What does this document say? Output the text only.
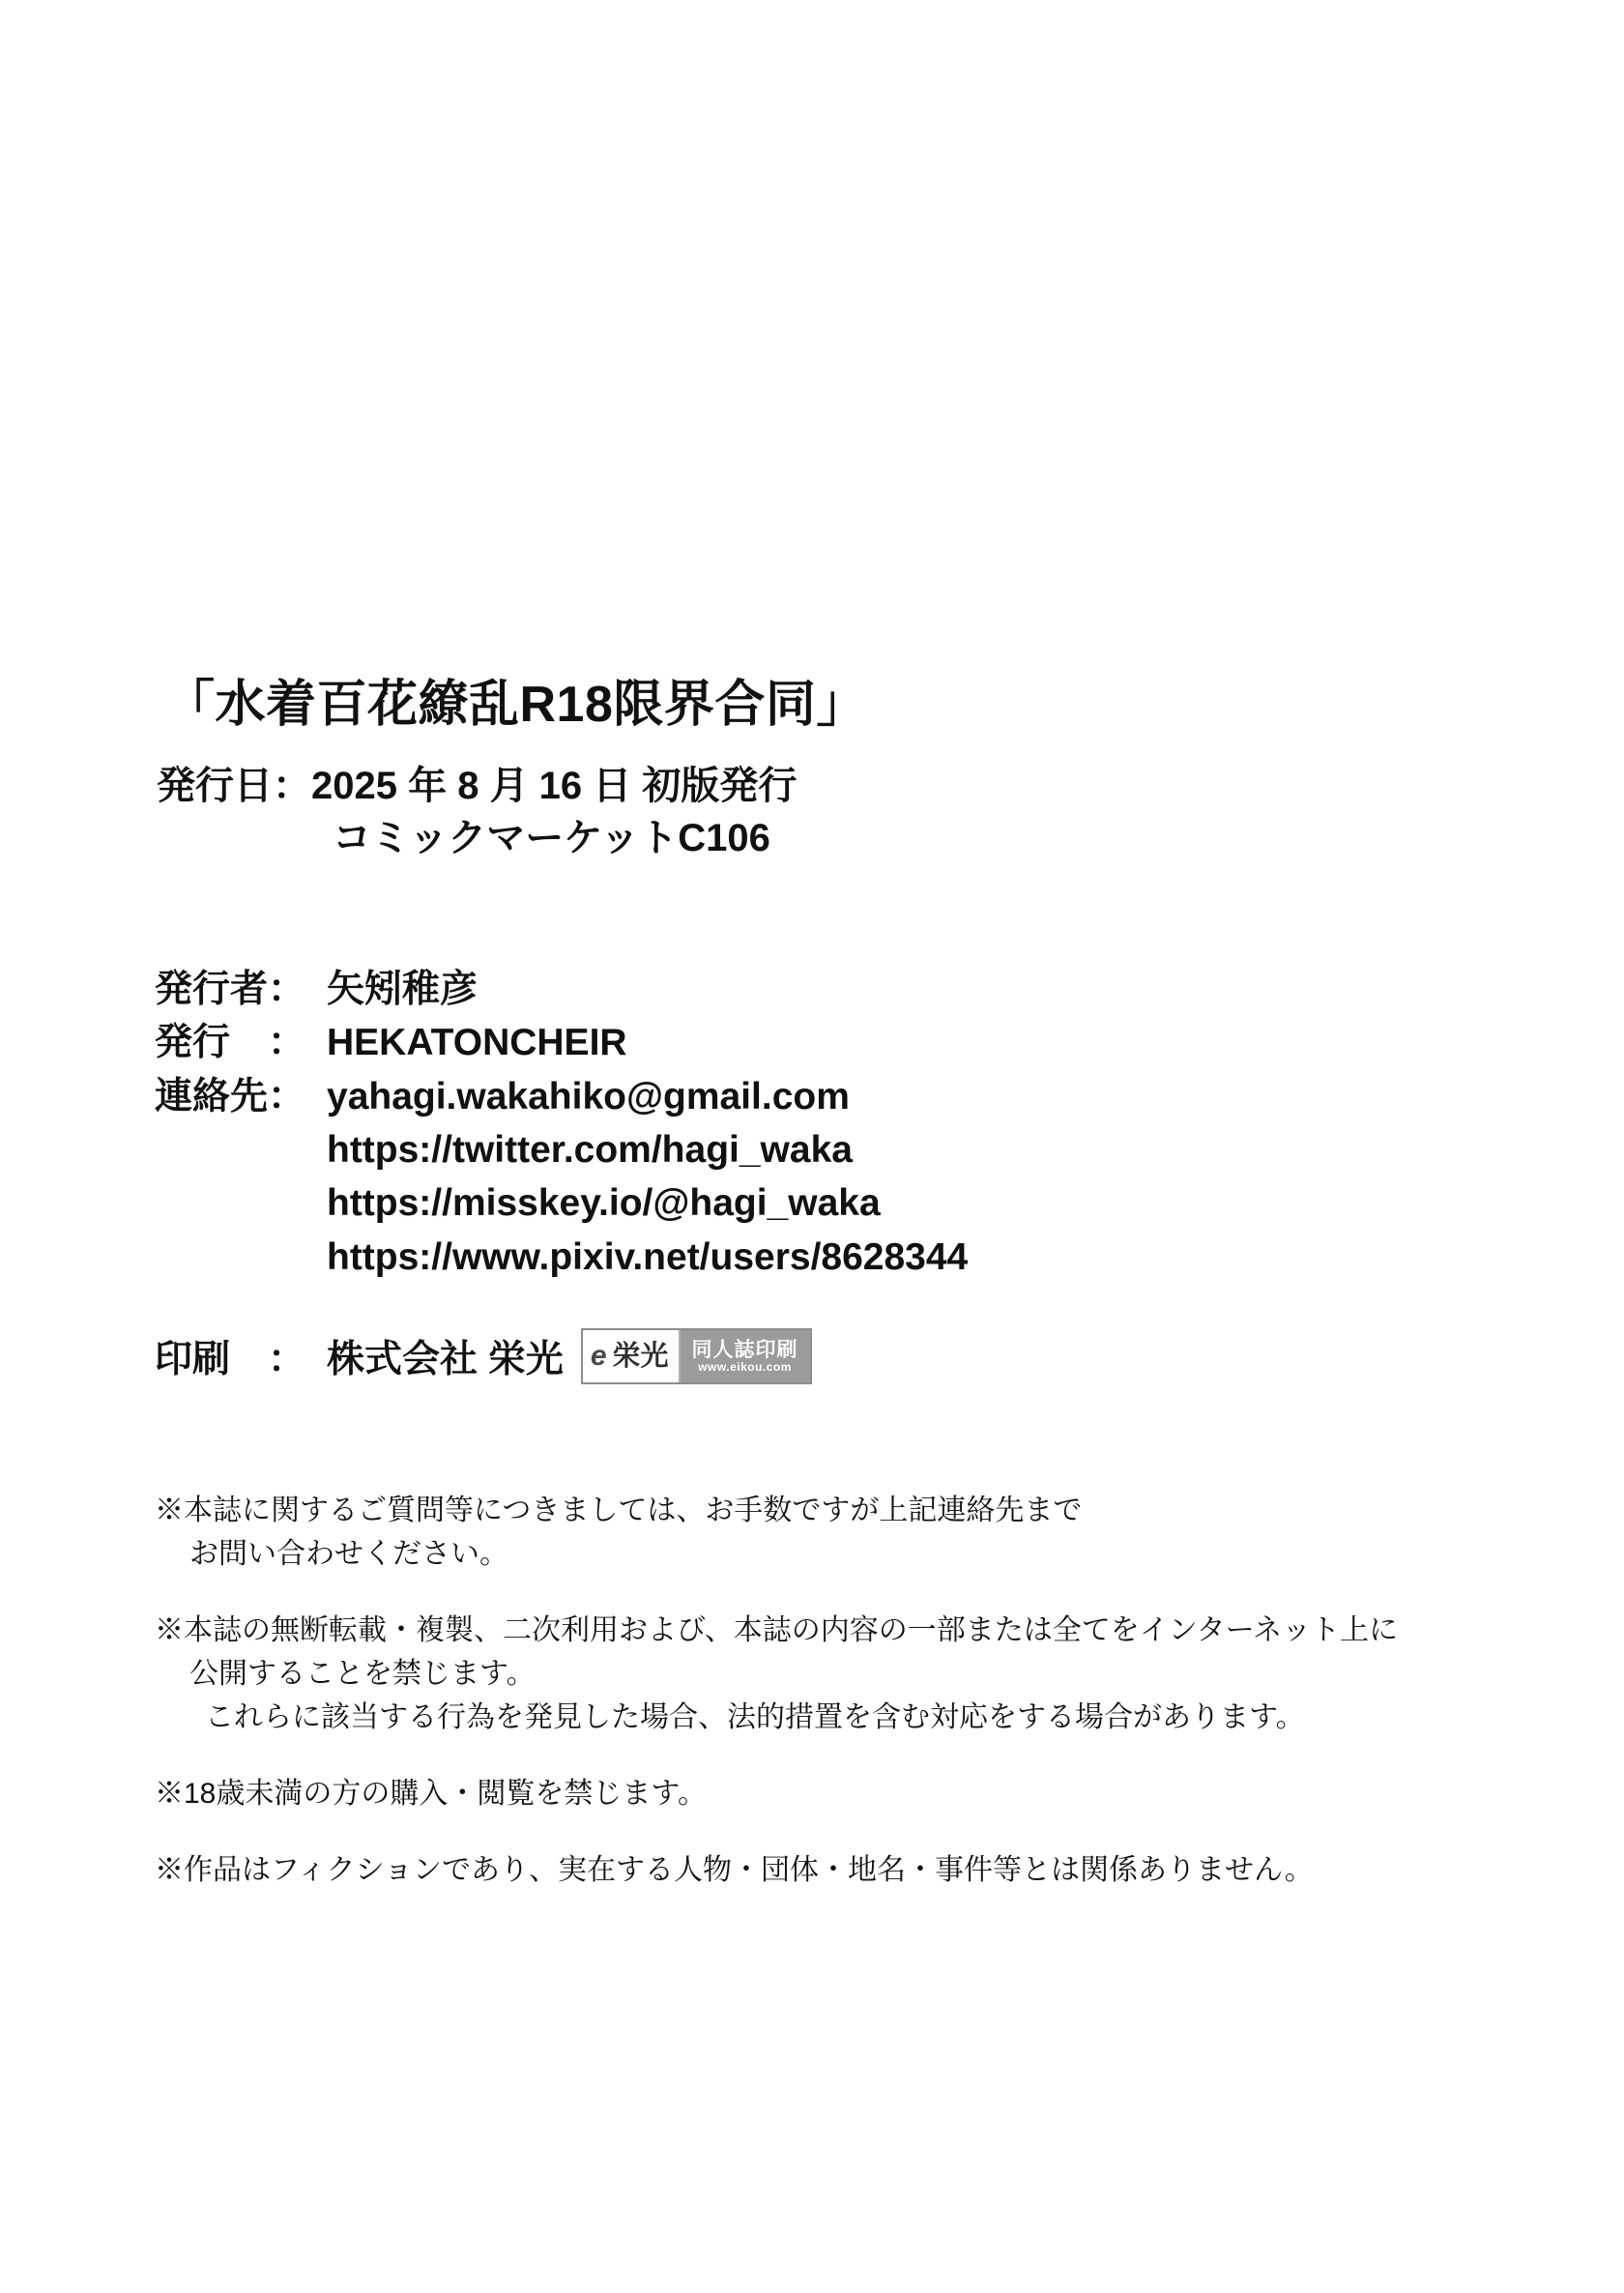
「水着百花繚乱R18限界合同」
発行日：2025 年 8 月 16 日 初版発行
コミックマーケットC106
発行者： 矢矧稚彦
発行　： HEKATONCHEIR
連絡先： yahagi.wakahiko@gmail.com
https://twitter.com/hagi_waka
https://misskey.io/@hagi_waka
https://www.pixiv.net/users/8628344
印刷　： 株式会社 栄光 e 栄光 同人誌印刷
www.eikou.com
※本誌に関するご質問等につきましては、お手数ですが上記連絡先まで
お問い合わせください。
※本誌の無断転載・複製、二次利用および、本誌の内容の一部または全てをインターネット上に
公開することを禁じます。
これらに該当する行為を発見した場合、法的措置を含む対応をする場合があります。
※18歳未満の方の購入・閲覧を禁じます。
※作品はフィクションであり、実在する人物・団体・地名・事件等とは関係ありません。
